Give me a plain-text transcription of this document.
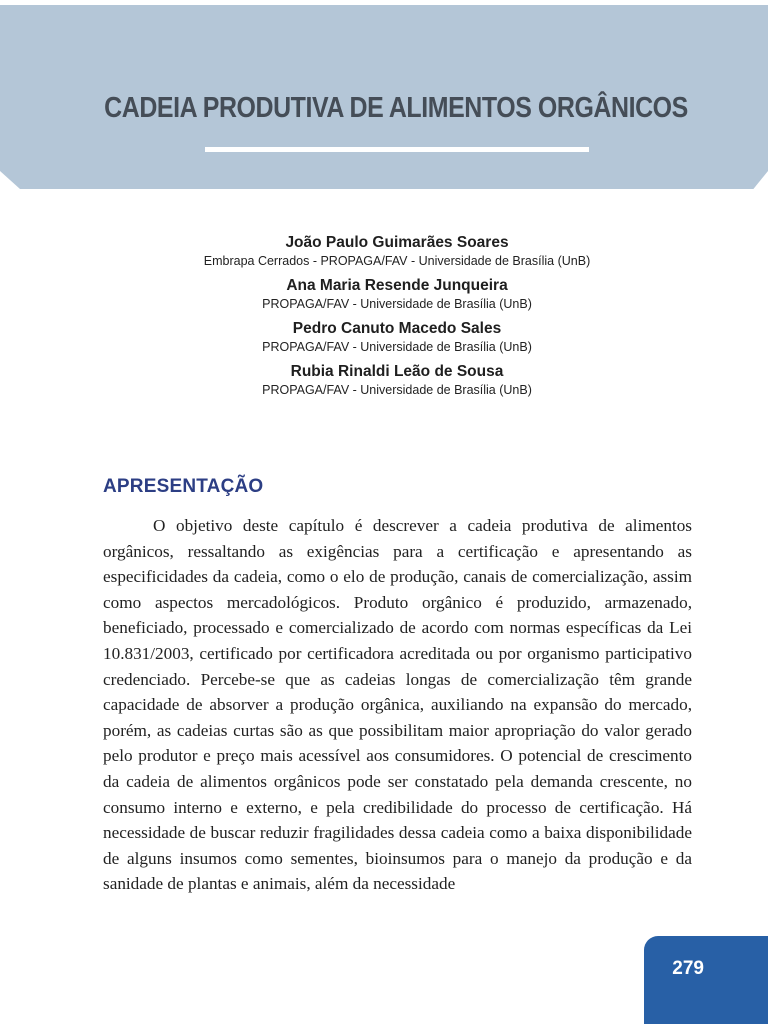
CADEIA PRODUTIVA DE ALIMENTOS ORGÂNICOS
João Paulo Guimarães Soares
Embrapa Cerrados - PROPAGA/FAV - Universidade de Brasília (UnB)
Ana Maria Resende Junqueira
PROPAGA/FAV - Universidade de Brasília (UnB)
Pedro Canuto Macedo Sales
PROPAGA/FAV - Universidade de Brasília (UnB)
Rubia Rinaldi Leão de Sousa
PROPAGA/FAV - Universidade de Brasília (UnB)
APRESENTAÇÃO

O objetivo deste capítulo é descrever a cadeia produtiva de alimentos orgânicos, ressaltando as exigências para a certificação e apresentando as especificidades da cadeia, como o elo de produção, canais de comercialização, assim como aspectos mercadológicos. Produto orgânico é produzido, armazenado, beneficiado, processado e comercializado de acordo com normas específicas da Lei 10.831/2003, certificado por certificadora acreditada ou por organismo participativo credenciado. Percebe-se que as cadeias longas de comercialização têm grande capacidade de absorver a produção orgânica, auxiliando na expansão do mercado, porém, as cadeias curtas são as que possibilitam maior apropriação do valor gerado pelo produtor e preço mais acessível aos consumidores. O potencial de crescimento da cadeia de alimentos orgânicos pode ser constatado pela demanda crescente, no consumo interno e externo, e pela credibilidade do processo de certificação. Há necessidade de buscar reduzir fragilidades dessa cadeia como a baixa disponibilidade de alguns insumos como sementes, bioinsumos para o manejo da produção e da sanidade de plantas e animais, além da necessidade

279
